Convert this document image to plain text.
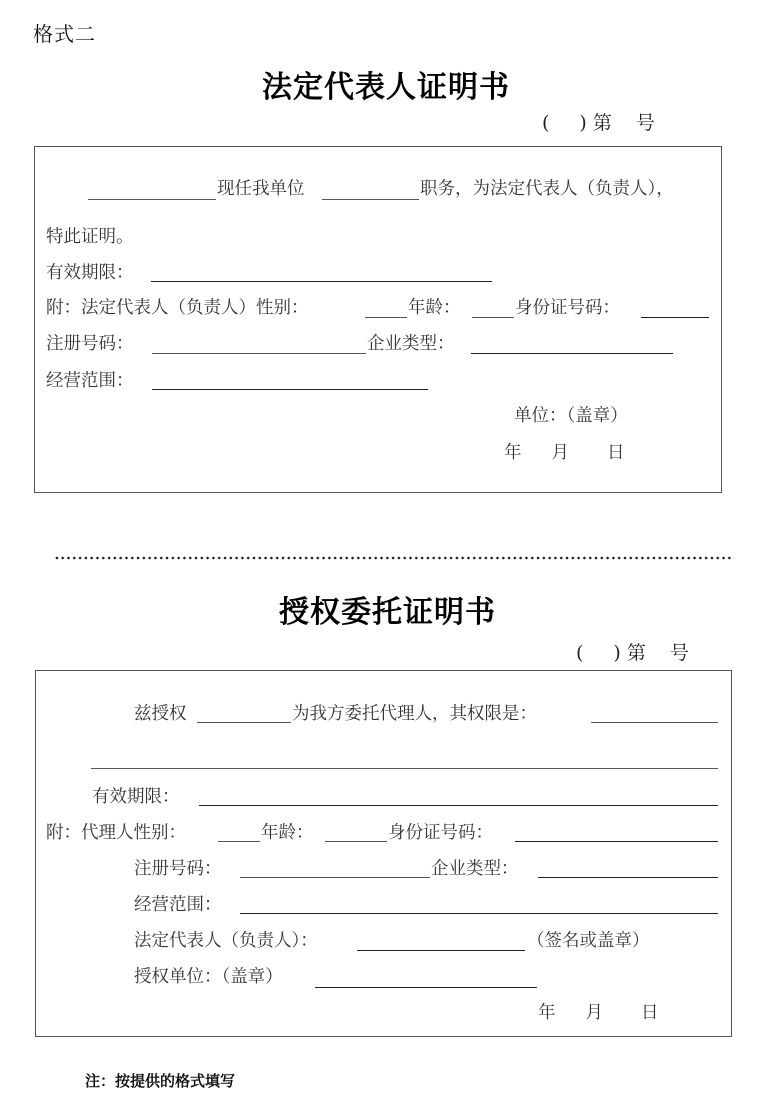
格式二
法定代表人证明书
( ) 第 号
现任我单位	职务，为法定代表人（负责人），
特此证明。
有效期限：
附：法定代表人（负责人）性别：	年龄：	身份证号码：
注册号码：	企业类型：
经营范围：
单位：（盖章）
年 月 日
授权委托证明书
( ) 第 号
兹授权	为我方委托代理人，其权限是：
有效期限：
附：代理人性别：	年龄：	身份证号码：
注册号码：	企业类型：
经营范围：
法定代表人（负责人）：	（签名或盖章）
授权单位：（盖章）
年 月 日
注：按提供的格式填写
